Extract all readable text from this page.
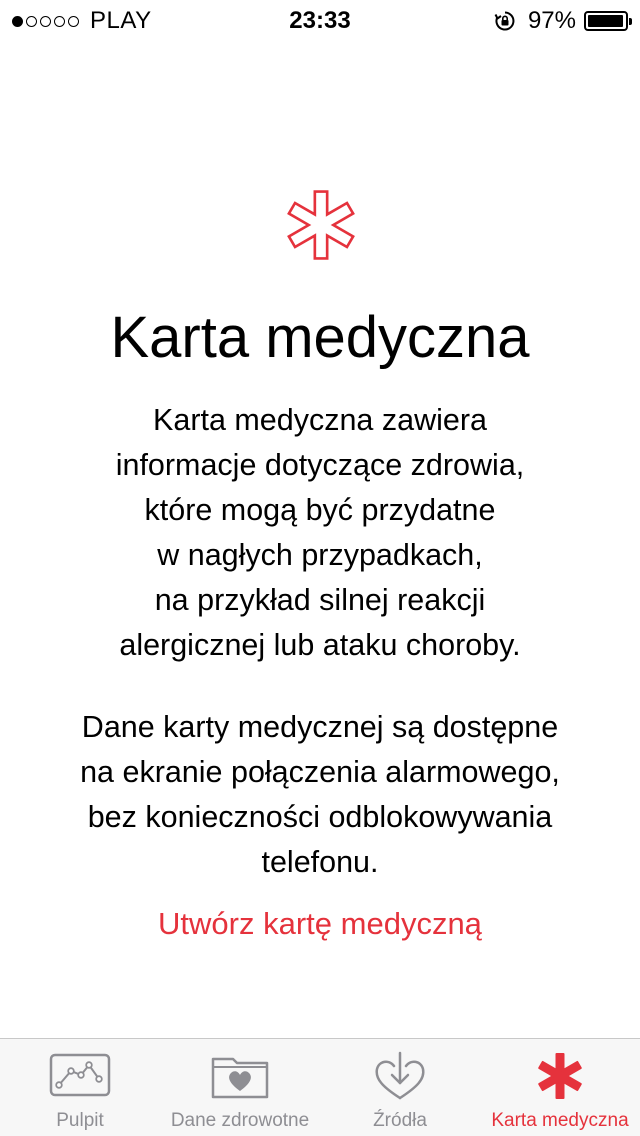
PLAY	23:33	97%
Karta medyczna

Karta medyczna zawiera

informacje dotyczące zdrowia,

które mogą być przydatne

w nagłych przypadkach,

na przykład silnej reakcji

alergicznej lub ataku choroby.

Dane karty medycznej są dostępne

na ekranie połączenia alarmowego,

bez konieczności odblokowywania

telefonu.

Utwórz kartę medyczną
Pulpit	Dane zdrowotne	Źródła	Karta medyczna
